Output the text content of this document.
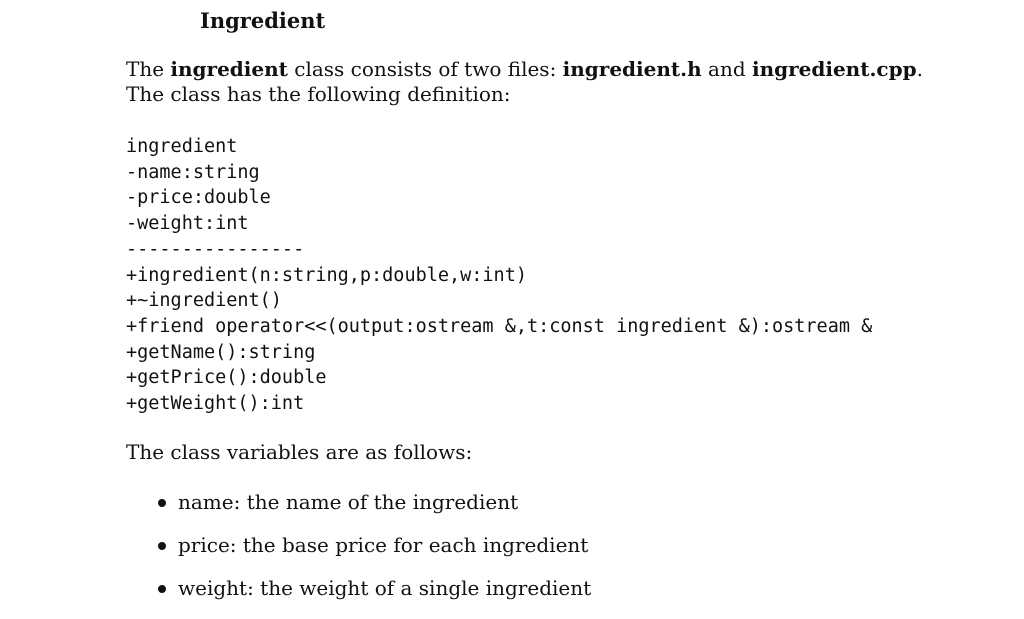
Ingredient

The ingredient class consists of two files: ingredient.h and ingredient.cpp. The class has the following definition:

ingredient
-name:string
-price:double
-weight:int
----------------
+ingredient(n:string,p:double,w:int)
+~ingredient()
+friend operator<<(output:ostream &,t:const ingredient &):ostream &
+getName():string
+getPrice():double
+getWeight():int

The class variables are as follows:

name: the name of the ingredient
price: the base price for each ingredient
weight: the weight of a single ingredient
